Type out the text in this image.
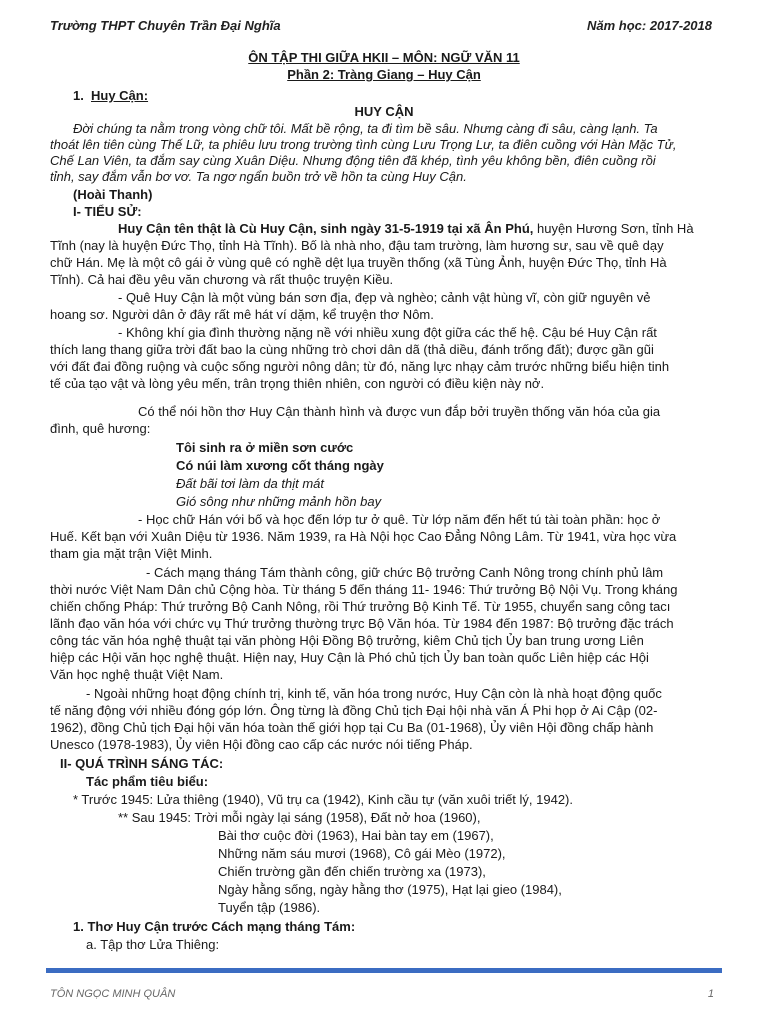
Trường THPT Chuyên Trần Đại Nghĩa	Năm học: 2017-2018
ÔN TẬP THI GIỮA HKII – MÔN: NGỮ VĂN 11
Phần 2: Tràng Giang – Huy Cận
1. Huy Cận:
HUY CẬN
Đời chúng ta nằm trong vòng chữ tôi. Mất bề rộng, ta đi tìm bề sâu. Nhưng càng đi sâu, càng lạnh. Ta
thoát lên tiên cùng Thế Lữ, ta phiêu lưu trong trường tình cùng Lưu Trọng Lư, ta điên cuồng với Hàn Mặc Tử,
Chế Lan Viên, ta đắm say cùng Xuân Diệu. Nhưng động tiên đã khép, tình yêu không bền, điên cuồng rồi
tỉnh, say đắm vẫn bơ vơ. Ta ngơ ngẩn buồn trở về hồn ta cùng Huy Cận.
(Hoài Thanh)
I- TIỂU SỬ:
Huy Cận tên thật là Cù Huy Cận, sinh ngày 31-5-1919 tại xã Ân Phú, huyện Hương Sơn, tỉnh Hà
Tĩnh (nay là huyện Đức Thọ, tỉnh Hà Tĩnh). Bố là nhà nho, đậu tam trường, làm hương sư, sau về quê dạy
chữ Hán. Mẹ là một cô gái ở vùng quê có nghề dệt lụa truyền thống (xã Tùng Ảnh, huyện Đức Thọ, tỉnh Hà
Tĩnh). Cả hai đều yêu văn chương và rất thuộc truyện Kiều.
- Quê Huy Cận là một vùng bán sơn địa, đẹp và nghèo; cảnh vật hùng vĩ, còn giữ nguyên vẻ
hoang sơ. Người dân ở đây rất mê hát ví dặm, kể truyện thơ Nôm.
- Không khí gia đình thường nặng nề với nhiều xung đột giữa các thế hệ. Cậu bé Huy Cận rất
thích lang thang giữa trời đất bao la cùng những trò chơi dân dã (thả diều, đánh trống đất); được gần gũi
với đất đai đồng ruộng và cuộc sống người nông dân; từ đó, năng lực nhạy cảm trước những biểu hiện tinh
tế của tạo vật và lòng yêu mến, trân trọng thiên nhiên, con người có điều kiện này nở.
Có thể nói hồn thơ Huy Cận thành hình và được vun đắp bởi truyền thống văn hóa của gia
đình, quê hương:
Tôi sinh ra ở miền sơn cước
Có núi làm xương cốt tháng ngày
Đất bãi tơi làm da thịt mát
Gió sông như những mảnh hồn bay
- Học chữ Hán với bố và học đến lớp tư ở quê. Từ lớp năm đến hết tú tài toàn phần: học ở
Huế. Kết bạn với Xuân Diệu từ 1936. Năm 1939, ra Hà Nội học Cao Đẳng Nông Lâm. Từ 1941, vừa học vừa
tham gia mặt trận Việt Minh.
- Cách mạng tháng Tám thành công, giữ chức Bộ trưởng Canh Nông trong chính phủ lâm
thời nước Việt Nam Dân chủ Cộng hòa. Từ tháng 5 đến tháng 11- 1946: Thứ trưởng Bộ Nội Vụ. Trong kháng
chiến chống Pháp: Thứ trưởng Bộ Canh Nông, rồi Thứ trưởng Bộ Kinh Tế. Từ 1955, chuyển sang công tacı
lãnh đạo văn hóa với chức vụ Thứ trưởng thường trực Bộ Văn hóa. Từ 1984 đến 1987: Bộ trưởng đặc trách
công tác văn hóa nghệ thuật tại văn phòng Hội Đồng Bộ trưởng, kiêm Chủ tịch Ủy ban trung ương Liên
hiệp các Hội văn học nghệ thuật. Hiện nay, Huy Cận là Phó chủ tịch Ủy ban toàn quốc Liên hiệp các Hội
Văn học nghệ thuật Việt Nam.
- Ngoài những hoạt động chính trị, kinh tế, văn hóa trong nước, Huy Cận còn là nhà hoạt động quốc
tế năng động với nhiều đóng góp lớn. Ông từng là đồng Chủ tịch Đại hội nhà văn Á Phi họp ở Ai Cập (02-
1962), đồng Chủ tịch Đại hội văn hóa toàn thế giới họp tại Cu Ba (01-1968), Ủy viên Hội đồng chấp hành
Unesco (1978-1983), Ủy viên Hội đồng cao cấp các nước nói tiếng Pháp.
II- QUÁ TRÌNH SÁNG TÁC:
Tác phẩm tiêu biểu:
* Trước 1945: Lửa thiêng (1940), Vũ trụ ca (1942), Kinh cầu tự (văn xuôi triết lý, 1942).
** Sau 1945: Trời mỗi ngày lại sáng (1958), Đất nở hoa (1960),
Bài thơ cuộc đời (1963), Hai bàn tay em (1967),
Những năm sáu mươi (1968), Cô gái Mèo (1972),
Chiến trường gần đến chiến trường xa (1973),
Ngày hằng sống, ngày hằng thơ (1975), Hạt lại gieo (1984),
Tuyển tập (1986).
1. Thơ Huy Cận trước Cách mạng tháng Tám:
a. Tập thơ Lửa Thiêng:
TÔN NGỌC MINH QUÂN	1
